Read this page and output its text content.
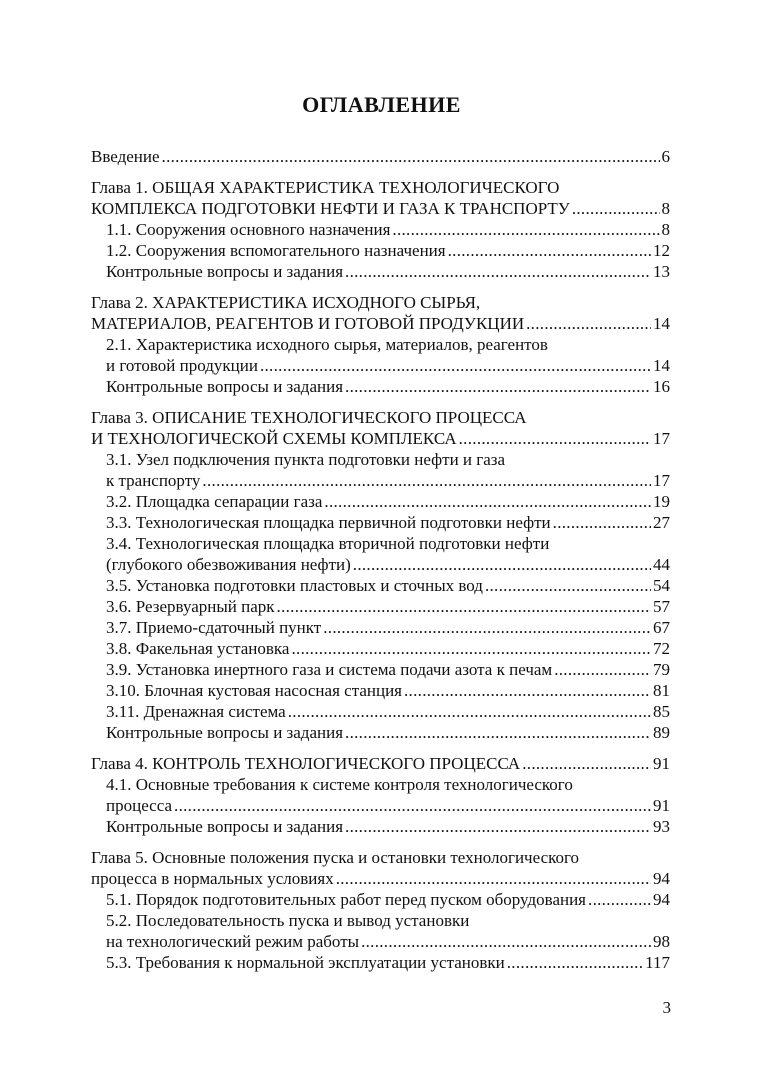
ОГЛАВЛЕНИЕ
Введение .....	6
Глава 1. ОБЩАЯ ХАРАКТЕРИСТИКА ТЕХНОЛОГИЧЕСКОГО
КОМПЛЕКСА ПОДГОТОВКИ НЕФТИ И ГАЗА К ТРАНСПОРТУ .....	8
1.1. Сооружения основного назначения .....	8
1.2. Сооружения вспомогательного назначения .....	12
Контрольные вопросы и задания .....	13
Глава 2. ХАРАКТЕРИСТИКА ИСХОДНОГО СЫРЬЯ,
МАТЕРИАЛОВ, РЕАГЕНТОВ И ГОТОВОЙ ПРОДУКЦИИ .....	14
2.1. Характеристика исходного сырья, материалов, реагентов
и готовой продукции .....	14
Контрольные вопросы и задания .....	16
Глава 3. ОПИСАНИЕ ТЕХНОЛОГИЧЕСКОГО ПРОЦЕССА
И ТЕХНОЛОГИЧЕСКОЙ СХЕМЫ КОМПЛЕКСА .....	17
3.1. Узел подключения пункта подготовки нефти и газа
к транспорту .....	17
3.2. Площадка сепарации газа .....	19
3.3. Технологическая площадка первичной подготовки нефти .....	27
3.4. Технологическая площадка вторичной подготовки нефти
(глубокого обезвоживания нефти) .....	44
3.5. Установка подготовки пластовых и сточных вод .....	54
3.6. Резервуарный парк .....	57
3.7. Приемо-сдаточный пункт .....	67
3.8. Факельная установка .....	72
3.9. Установка инертного газа и система подачи азота к печам .....	79
3.10. Блочная кустовая насосная станция .....	81
3.11. Дренажная система .....	85
Контрольные вопросы и задания .....	89
Глава 4. КОНТРОЛЬ ТЕХНОЛОГИЧЕСКОГО ПРОЦЕССА .....	91
4.1. Основные требования к системе контроля технологического
процесса .....	91
Контрольные вопросы и задания .....	93
Глава 5. Основные положения пуска и остановки технологического
процесса в нормальных условиях .....	94
5.1. Порядок подготовительных работ перед пуском оборудования .....	94
5.2. Последовательность пуска и вывод установки
на технологический режим работы .....	98
5.3. Требования к нормальной эксплуатации установки .....	117
3
